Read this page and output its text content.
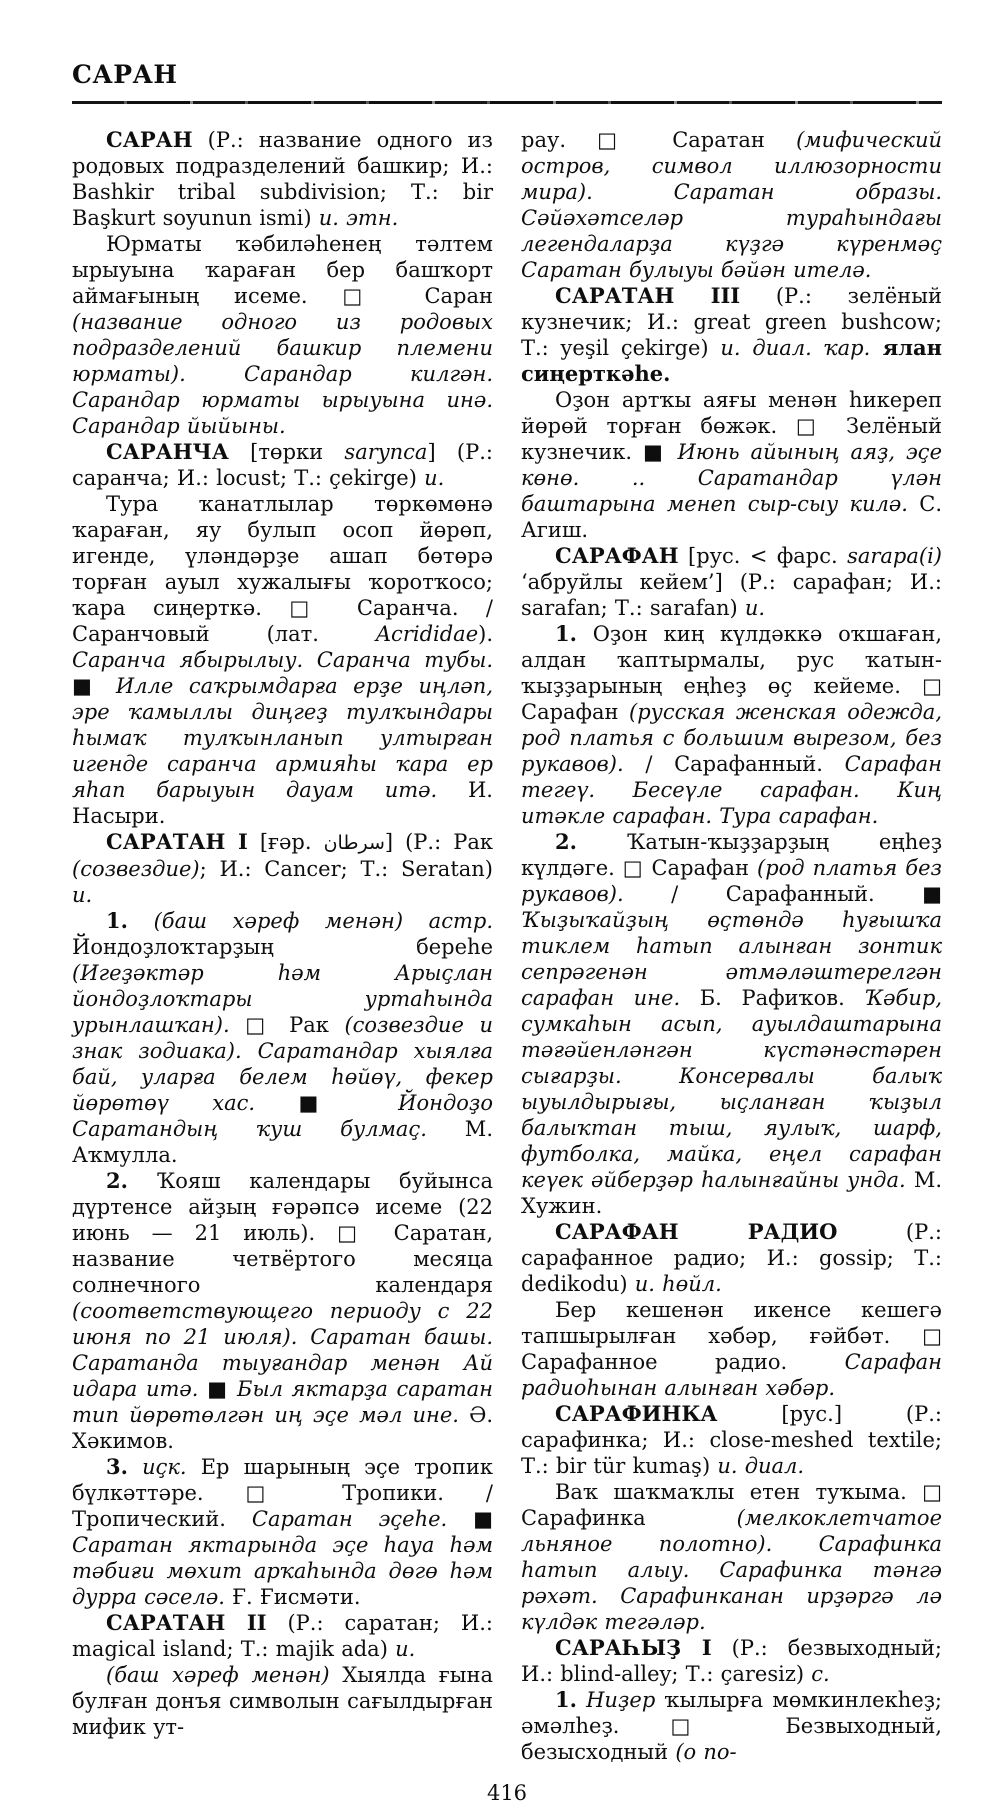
САРАН

САРАН (Р.: название одного из родовых подразделений башкир; И.: Bashkir tribal subdivision; Т.: bir Başkurt soyunun ismi) и. этн.

Юрматы ҡәбиләһенең тәлтем ырыуына ҡараған бер башҡорт аймағының исеме. □ Саран (название одного из родовых подразделений башкир племени юрматы). Сарандар килгән. Сарандар юрматы ырыуына инә. Сарандар йыйыны.

САРАНЧА [төрки sarynca] (Р.: саранча; И.: locust; Т.: çekirge) и.

Тура ҡанатлылар төркөмөнә ҡараған, яу булып осоп йөрөп, игенде, үләндәрҙе ашап бөтөрә торған ауыл хужалығы ҡоротҡосо; ҡара сиңерткә. □ Саранча. / Саранчовый (лат. Acrididae). Саранча ябырылыу. Саранча тубы. ■ Илле саҡрымдарға ерҙе иңләп, эре ҡамыллы диңгеҙ тулҡындары һымаҡ тулҡынланып ултырған игенде саранча армияһы ҡара ер яһап барыуын дауам итә. И. Насыри.

САРАТАН I [ғәр. سرطان] (Р.: Рак (созвездие); И.: Cancer; Т.: Seratan) и.

1. (баш хәреф менән) астр. Йондоҙлоҡтарҙың береһе (Игеҙәктәр һәм Арыҫлан йондоҙлоҡтары уртаһында урынлашҡан). □ Рак (созвездие и знак зодиака). Саратандар хыялға бай, уларға белем һөйөү, фекер йөрөтөү хас. ■ Йондоҙо Саратандың ҡуш булмаҫ. М. Аҡмулла.

2. Ҡояш календары буйынса дүртенсе айҙың ғәрәпсә исеме (22 июнь — 21 июль). □ Саратан, название четвёртого месяца солнечного календаря (соответствующего периоду с 22 июня по 21 июля). Саратан башы. Саратанда тыуғандар менән Ай идара итә. ■ Был яктарҙа саратан тип йөрөтөлгән иң эҫе мәл ине. Ә. Хәкимов.

3. иҫк. Ер шарының эҫе тропик бүлкәттәре. □ Тропики. / Тропический. Саратан эҫеһе. ■ Саратан яктарында эҫе һауа һәм тәбиғи мөхит арҡаһында дөгө һәм дурра сәселә. Ғ. Ғисмәти.

САРАТАН II (Р.: саратан; И.: magical island; Т.: majik ada) и.

(баш хәреф менән) Хыялда ғына булған донъя символын сағылдырған мифик ут-

рау. □ Саратан (мифический остров, символ иллюзорности мира). Саратан образы. Сәйәхәтселәр тураһындағы легендаларҙа күҙгә күренмәҫ Саратан булыуы бәйән ителә.

САРАТАН III (Р.: зелёный кузнечик; И.: great green bushcow; Т.: yeşil çekirge) и. диал. ҡар. ялан сиңерткәһе.

Оҙон артҡы аяғы менән һикереп йөрөй торған бөжәк. □ Зелёный кузнечик. ■ Июнь айының аяҙ, эҫе көнө. .. Саратандар үлән баштарына менеп сыр-сыу килә. С. Агиш.

САРАФАН [рус. < фарс. sarapa(i) ‘абруйлы кейем’] (Р.: сарафан; И.: sarafan; Т.: sarafan) и.

1. Оҙон киң күлдәккә оҡшаған, алдан ҡаптырмалы, рус ҡатын-ҡыҙҙарының еңһеҙ өҫ кейеме. □ Сарафан (русская женская одежда, род платья с большим вырезом, без рукавов). / Сарафанный. Сарафан тегеү. Бесеүле сарафан. Киң итәкле сарафан. Тура сарафан.

2. Ҡатын-ҡыҙҙарҙың еңһеҙ күлдәге. □ Сарафан (род платья без рукавов). / Сарафанный. ■ Ҡыҙыҡайҙың өҫтөндә һуғышҡа тиклем һатып алынған зонтик сепрәгенән әтмәләштерелгән сарафан ине. Б. Рафиҡов. Ҡәбир, сумкаһын асып, ауылдаштарына тәғәйенләнгән күстәнәстәрен сығарҙы. Консервалы балыҡ ыуылдырығы, ыҫланған ҡыҙыл балыҡтан тыш, яулыҡ, шарф, футболка, майка, еңел сарафан кеүек әйберҙәр һалынғайны унда. М. Хужин.

САРАФАН РАДИО (Р.: сарафанное радио; И.: gossip; Т.: dedikodu) и. һөйл.

Бер кешенән икенсе кешегә тапшырылған хәбәр, ғәйбәт. □ Сарафанное радио. Сарафан радиоһынан алынған хәбәр.

САРАФИНКА [рус.] (Р.: сарафинка; И.: close-meshed textile; Т.: bir tür kumaş) и. диал.

Ваҡ шаҡмаҡлы етен туҡыма. □ Сарафинка (мелкоклетчатое льняное полотно). Сарафинка һатып алыу. Сарафинка тәнгә рәхәт. Сарафинканан ирҙәргә лә күлдәк тегәләр.

САРАҺЫҘ I (Р.: безвыходный; И.: blind-alley; Т.: çaresiz) с.

1. Ниҙер ҡылырға мөмкинлекһеҙ; әмәлһеҙ. □ Безвыходный, безысходный (о по-

416
